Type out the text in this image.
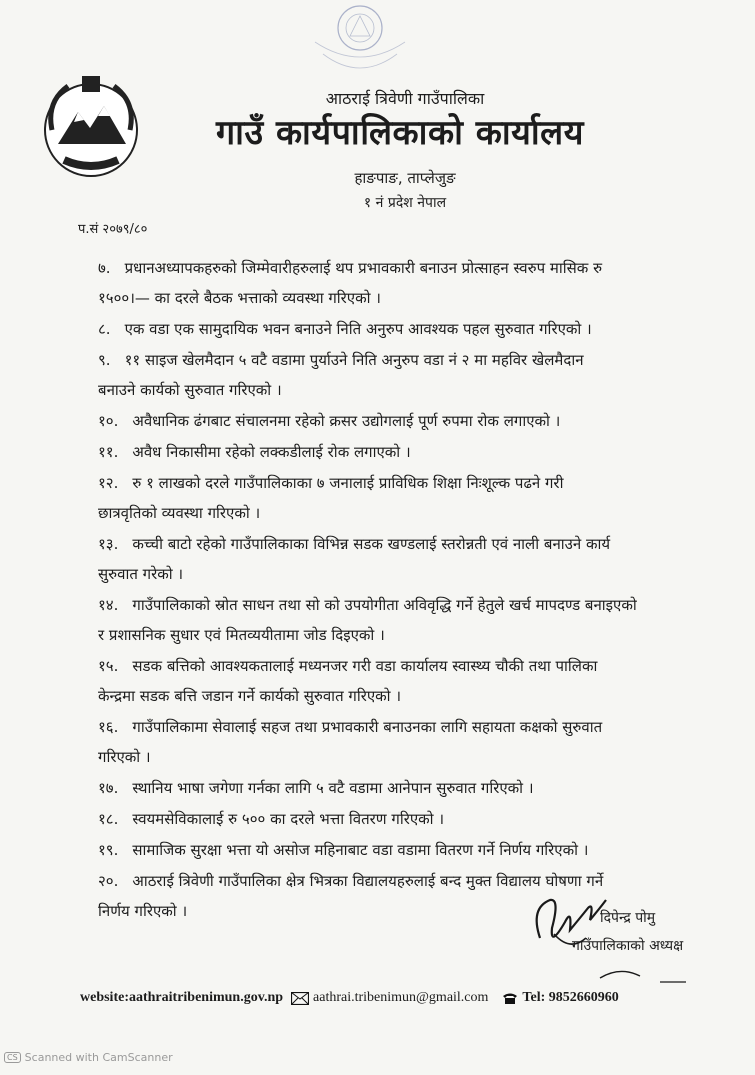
आठराई त्रिवेणी गाउँपालिका
गाउँ कार्यपालिकाको कार्यालय
हाङपाङ, ताप्लेजुङ
१ नं प्रदेश नेपाल
प.सं २०७९/८०
७. प्रधानअध्यापकहरुको जिम्मेवारीहरुलाई थप प्रभावकारी बनाउन प्रोत्साहन स्वरुप मासिक रु
१५००।— का दरले बैठक भत्ताको व्यवस्था गरिएको ।
८. एक वडा एक सामुदायिक भवन बनाउने निति अनुरुप आवश्यक पहल सुरुवात गरिएको ।
९. ११ साइज खेलमैदान ५ वटै वडामा पुर्याउने निति अनुरुप वडा नं २ मा महविर खेलमैदान
बनाउने कार्यको सुरुवात गरिएको ।
१०. अवैधानिक ढंगबाट संचालनमा रहेको क्रसर उद्योगलाई पूर्ण रुपमा रोक लगाएको ।
११. अवैध निकासीमा रहेको लक्कडीलाई रोक लगाएको ।
१२. रु १ लाखको दरले गाउँपालिकाका ७ जनालाई प्राविधिक शिक्षा निःशूल्क पढने गरी
छात्रवृतिको व्यवस्था गरिएको ।
१३. कच्ची बाटो रहेको गाउँपालिकाका विभिन्न सडक खण्डलाई स्तरोन्नती एवं नाली बनाउने कार्य
सुरुवात गरेको ।
१४. गाउँपालिकाको स्रोत साधन तथा सो को उपयोगीता अविवृद्धि गर्ने हेतुले खर्च मापदण्ड बनाइएको
र प्रशासनिक सुधार एवं मितव्ययीतामा जोड दिइएको ।
१५. सडक बत्तिको आवश्यकतालाई मध्यनजर गरी वडा कार्यालय स्वास्थ्य चौकी तथा पालिका
केन्द्रमा सडक बत्ति जडान गर्ने कार्यको सुरुवात गरिएको ।
१६. गाउँपालिकामा सेवालाई सहज तथा प्रभावकारी बनाउनका लागि सहायता कक्षको सुरुवात
गरिएको ।
१७. स्थानिय भाषा जगेणा गर्नका लागि ५ वटै वडामा आनेपान सुरुवात गरिएको ।
१८. स्वयमसेविकालाई रु ५०० का दरले भत्ता वितरण गरिएको ।
१९. सामाजिक सुरक्षा भत्ता यो असोज महिनाबाट वडा वडामा वितरण गर्ने निर्णय गरिएको ।
२०. आठराई त्रिवेणी गाउँपालिका क्षेत्र भित्रका विद्यालयहरुलाई बन्द मुक्त विद्यालय घोषणा गर्ने
निर्णय गरिएको ।	दिपेन्द्र पोमु
गाउँपालिकाको अध्यक्ष
website:aathraitribenimun.gov.np aathrai.tribenimun@gmail.com Tel: 9852660960
CS Scanned with CamScanner
